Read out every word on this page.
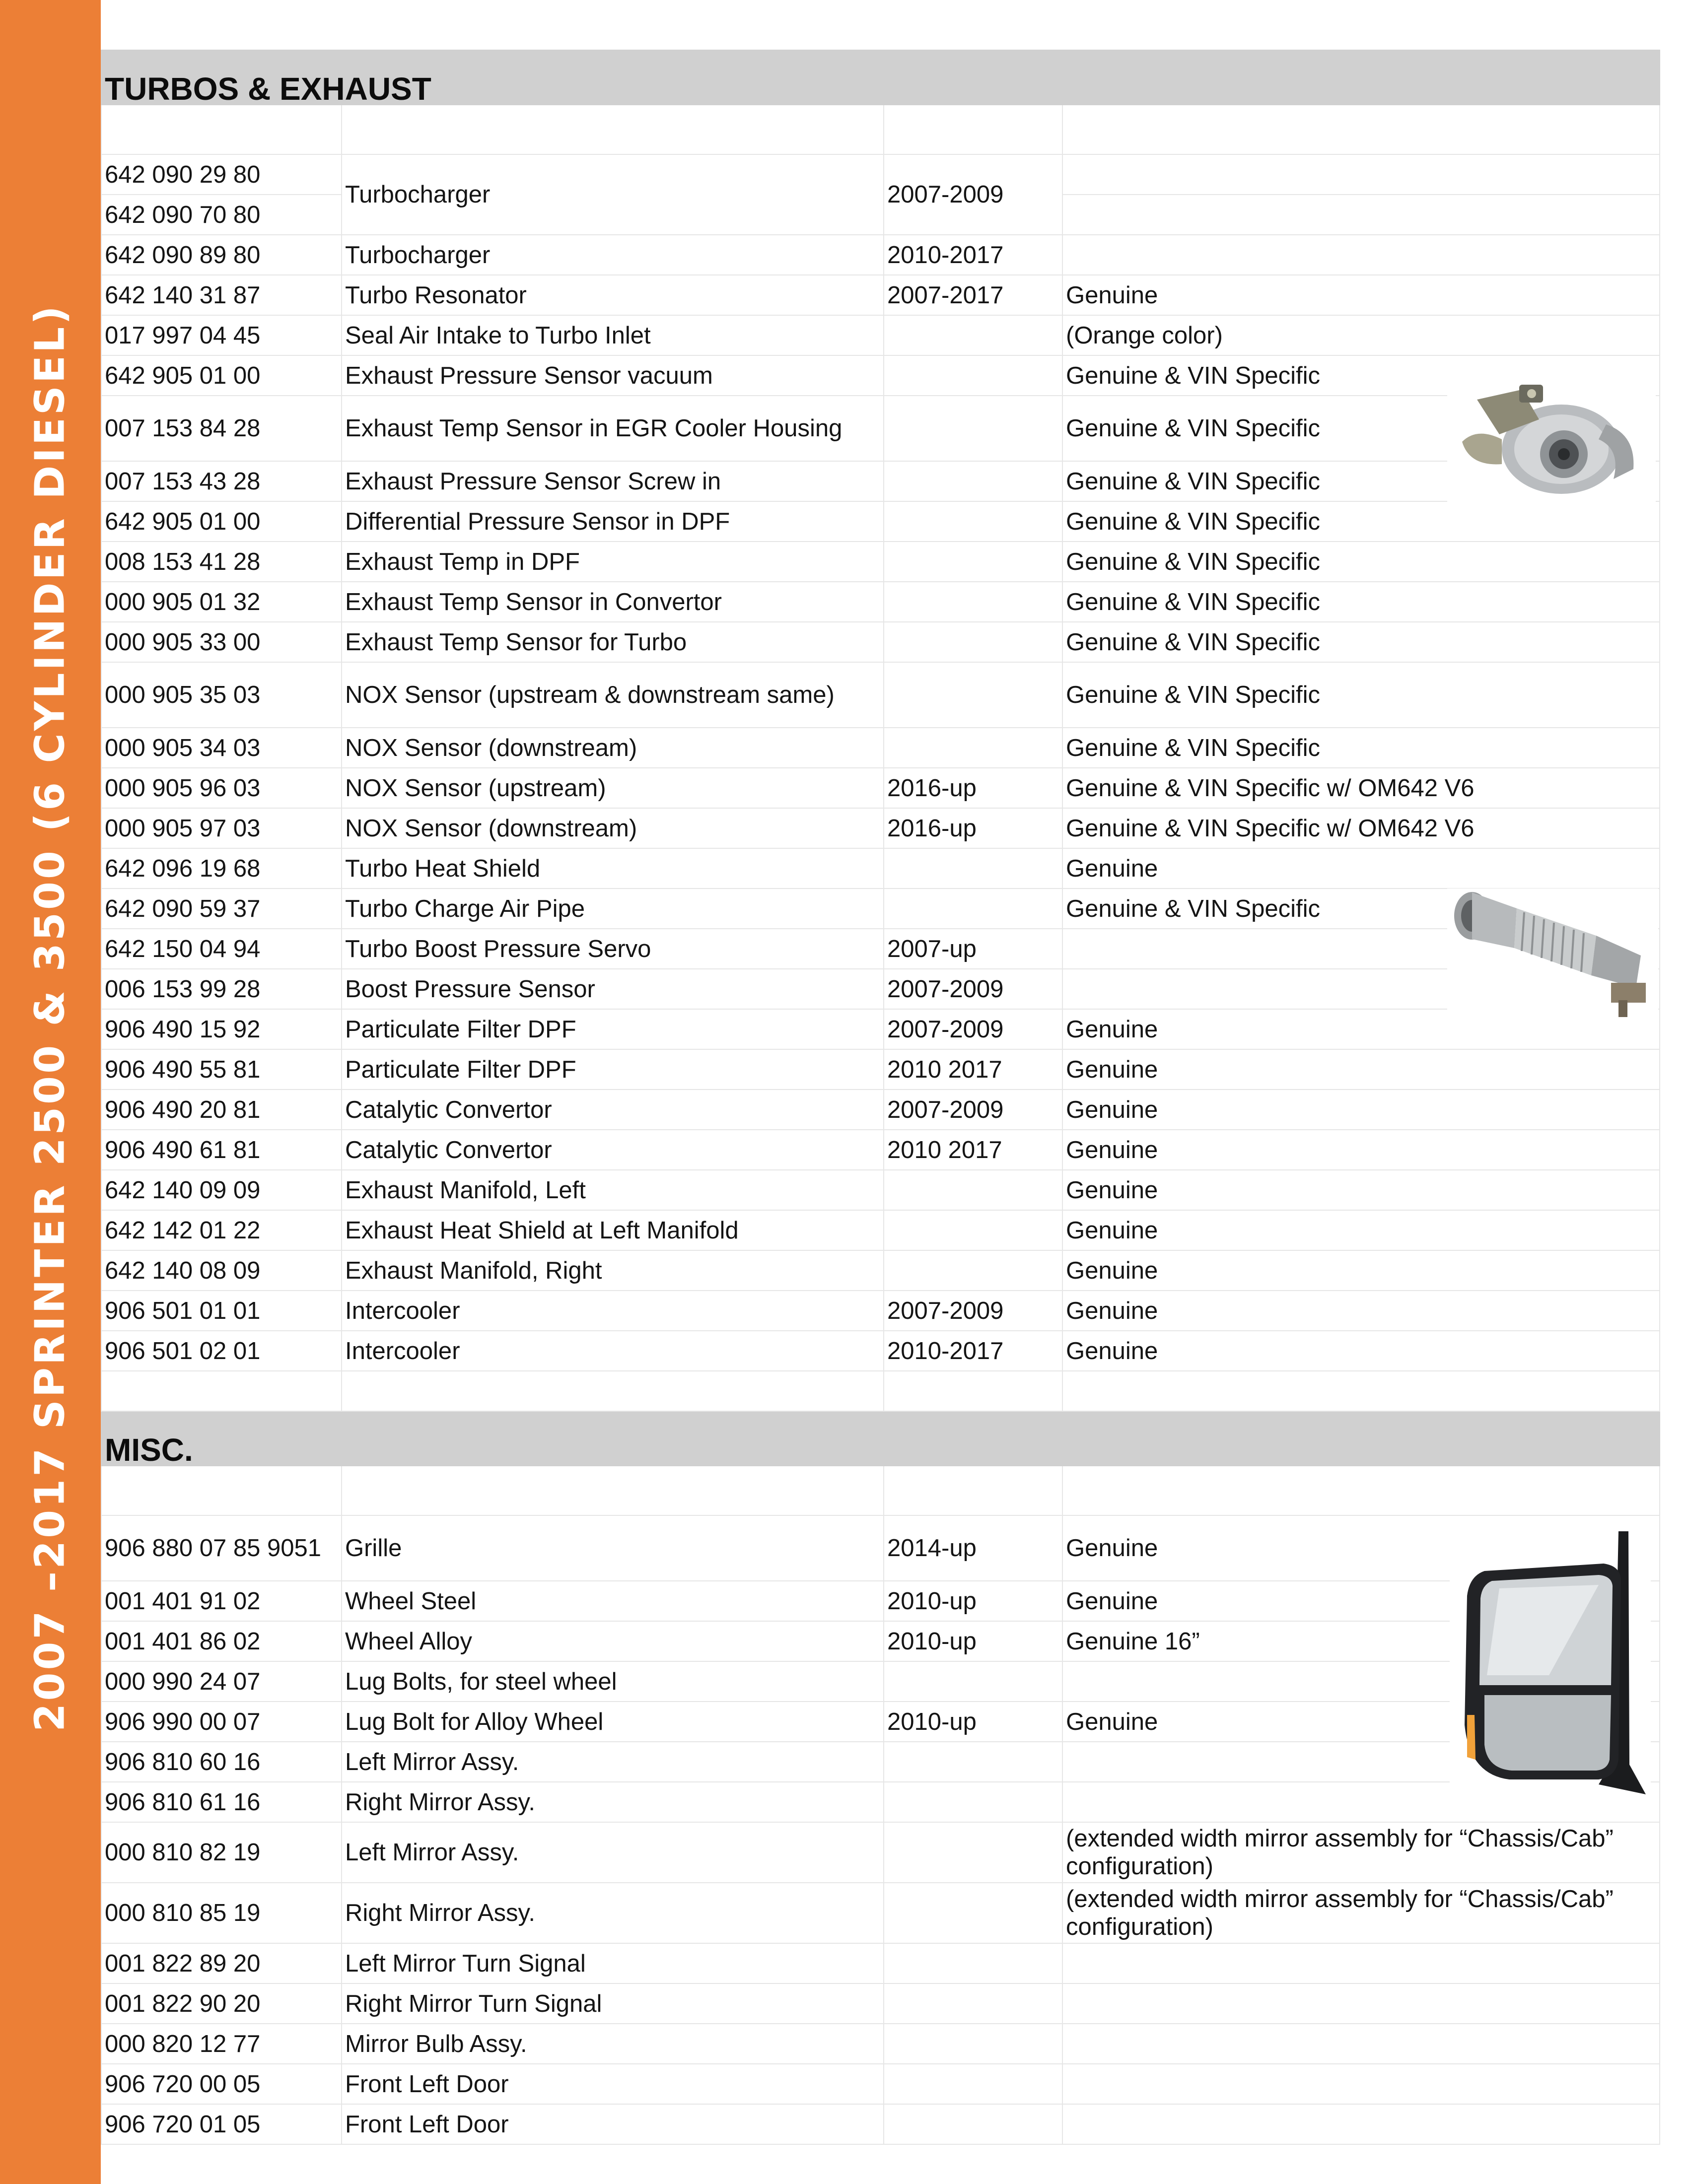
2007 –2017 SPRINTER 2500 & 3500 (6 CYLINDER DIESEL)
TURBOS & EXHAUST			

642 090 29 80	Turbocharger	2007-2009	
642 090 70 80			
642 090 89 80	Turbocharger	2010-2017	
642 140 31 87	Turbo Resonator	2007-2017	Genuine
017 997 04 45	Seal Air Intake to Turbo Inlet		(Orange color)
642 905 01 00	Exhaust Pressure Sensor vacuum		Genuine & VIN Specific
007 153 84 28	Exhaust Temp Sensor in EGR Cooler Housing		Genuine & VIN Specific
007 153 43 28	Exhaust Pressure Sensor Screw in		Genuine & VIN Specific
642 905 01 00	Differential Pressure Sensor in DPF		Genuine & VIN Specific
008 153 41 28	Exhaust Temp in DPF		Genuine & VIN Specific
000 905 01 32	Exhaust Temp Sensor in Convertor		Genuine & VIN Specific
000 905 33 00	Exhaust Temp Sensor for Turbo		Genuine & VIN Specific
000 905 35 03	NOX Sensor (upstream & downstream same)		Genuine & VIN Specific
000 905 34 03	NOX Sensor (downstream)		Genuine & VIN Specific
000 905 96 03	NOX Sensor (upstream)	2016-up	Genuine & VIN Specific w/ OM642 V6
000 905 97 03	NOX Sensor (downstream)	2016-up	Genuine & VIN Specific w/ OM642 V6
642 096 19 68	Turbo Heat Shield		Genuine
642 090 59 37	Turbo Charge Air Pipe		Genuine & VIN Specific
642 150 04 94	Turbo Boost Pressure Servo	2007-up	
006 153 99 28	Boost Pressure Sensor	2007-2009	
906 490 15 92	Particulate Filter DPF	2007-2009	Genuine
906 490 55 81	Particulate Filter DPF	2010 2017	Genuine
906 490 20 81	Catalytic Convertor	2007-2009	Genuine
906 490 61 81	Catalytic Convertor	2010 2017	Genuine
642 140 09 09	Exhaust Manifold, Left		Genuine
642 142 01 22	Exhaust Heat Shield at Left Manifold		Genuine
642 140 08 09	Exhaust Manifold, Right		Genuine
906 501 01 01	Intercooler	2007-2009	Genuine
906 501 02 01	Intercooler	2010-2017	Genuine

MISC.			

906 880 07 85 9051	Grille	2014-up	Genuine
001 401 91 02	Wheel Steel	2010-up	Genuine
001 401 86 02	Wheel Alloy	2010-up	Genuine 16”
000 990 24 07	Lug Bolts, for steel wheel		
906 990 00 07	Lug Bolt for Alloy Wheel	2010-up	Genuine
906 810 60 16	Left Mirror Assy.		
906 810 61 16	Right Mirror Assy.		
000 810 82 19	Left Mirror Assy.		(extended width mirror assembly for “Chassis/Cab” configuration)
000 810 85 19	Right Mirror Assy.		(extended width mirror assembly for “Chassis/Cab” configuration)
001 822 89 20	Left Mirror Turn Signal		
001 822 90 20	Right Mirror Turn Signal		
000 820 12 77	Mirror Bulb Assy.		
906 720 00 05	Front Left Door		
906 720 01 05	Front Left Door		
